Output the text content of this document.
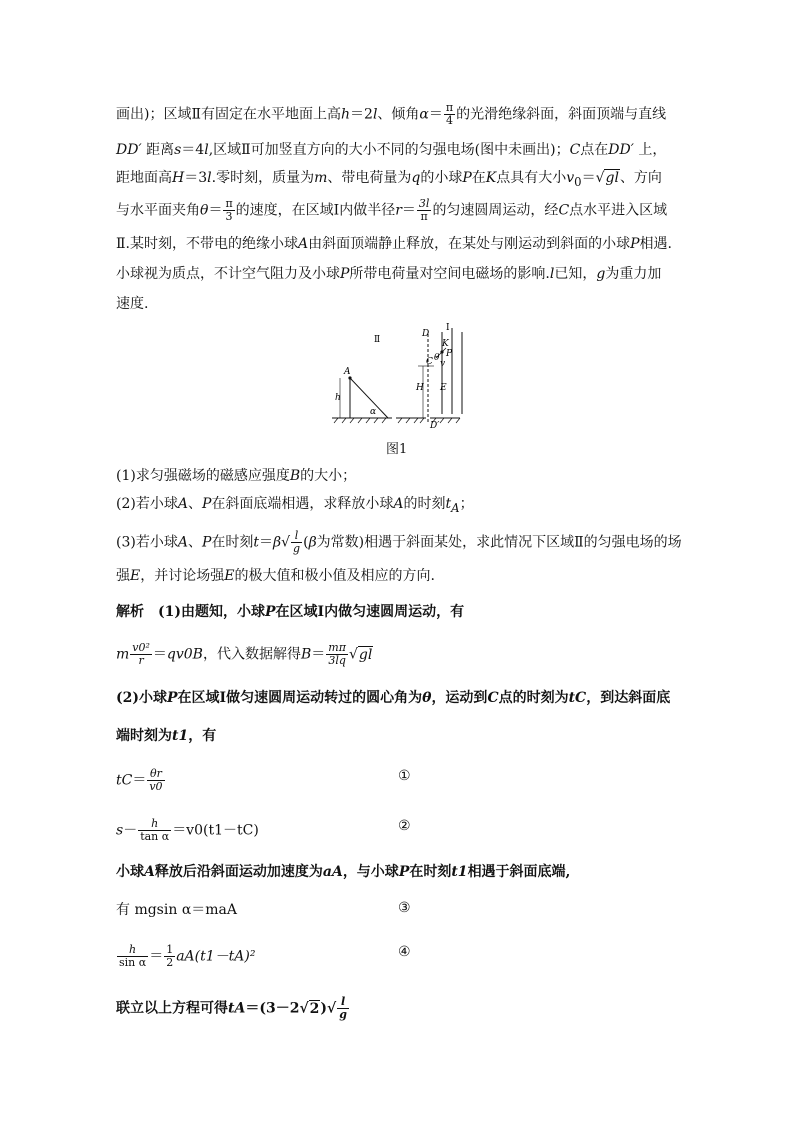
画出)；区域Ⅱ有固定在水平地面上高h＝2l、倾角$\alpha= \frac{\pi}{4}$ 的光滑绝缘斜面，斜面顶端与直线
DD′ 距离s＝4l,区域Ⅱ可加竖直方向的大小不同的匀强电场(图中未画出)；C点在DD′ 上，
距地面高H＝3l.零时刻，质量为m、带电荷量为q的小球P在K点具有大小$v_0=√gl$、方向
与水平面夹角$\theta= \frac{\pi}{3}$ 的速度，在区域Ⅰ内做半径$r= \frac{3l}{\pi}$ 的匀速圆周运动，经C点水平进入区域
Ⅱ.某时刻，不带电的绝缘小球A由斜面顶端静止释放，在某处与刚运动到斜面的小球P相遇.
小球视为质点，不计空气阻力及小球P所带电荷量对空间电磁场的影响.l已知，g为重力加
速度.
Ⅱ
Ⅰ
A
h
α
D
D′
C
H E
K
P
θ
v
图1
(1)求匀强磁场的磁感应强度B的大小；
(2)若小球A、P在斜面底端相遇，求释放小球A的时刻$t_A$；
(3)若小球A、P在时刻$t=\beta√ \frac{l}{g} (\beta$为常数)相遇于斜面某处，求此情况下区域Ⅱ的匀强电场的场
强E，并讨论场强E的极大值和极小值及相应的方向.
解析　(1)由题知，小球P在区域Ⅰ内做匀速圆周运动，有
m $\frac{\text{v0²}}{r} =qv0B$，代入数据解得$B= \frac{m\pi}{3lq} √gl$
(2)小球P在区域Ⅰ做匀速圆周运动转过的圆心角为θ，运动到C点的时刻为tC，到达斜面底
端时刻为t1，有
$tC= \frac{\theta r}{v0}$	①
$s- \frac{h}{\text{tan α}} =v0(t1-tC)$	②
小球A释放后沿斜面运动加速度为aA，与小球P在时刻t1相遇于斜面底端,
有 mgsin α＝maA	③
$\frac{h}{\text{sin α}} = \frac{1}{2} aA(t1-tA)^2$	④
联立以上方程可得$tA=(3-2√2)√ \frac{l}{g}$
